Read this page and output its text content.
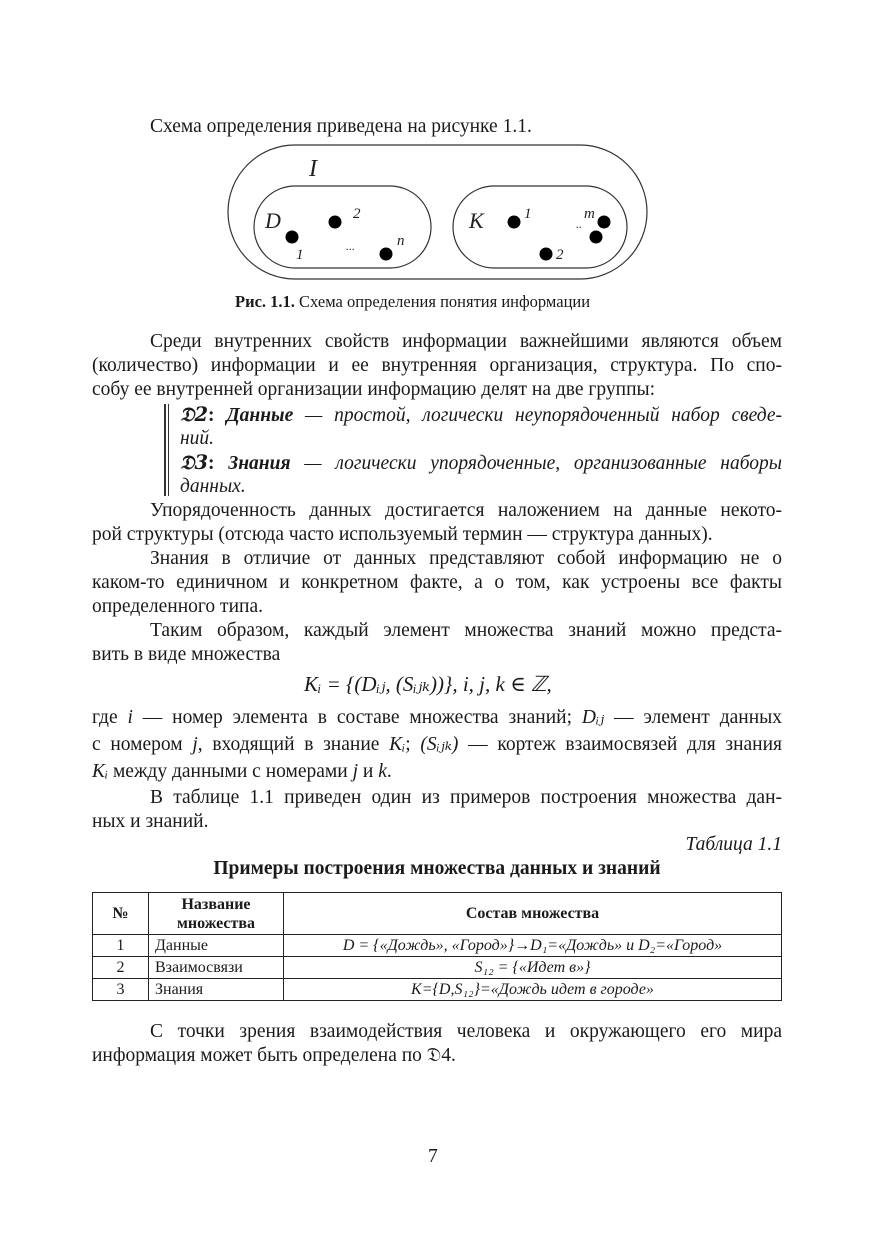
Схема определения приведена на рисунке 1.1.
I
D
1
2
n
...
K	1
2
m
..
Рис. 1.1. Схема определения понятия информации
Среди внутренних свойств информации важнейшими являются объем
(количество) информации и ее внутренняя организация, структура. По спо-
собу ее внутренней организации информацию делят на две группы:
𝔇2: Данные — простой, логически неупорядоченный набор сведе-
ний.
𝔇3: Знания — логически упорядоченные, организованные наборы
данных.
Упорядоченность данных достигается наложением на данные некото-
рой структуры (отсюда часто используемый термин — структура данных).
Знания в отличие от данных представляют собой информацию не о
каком-то единичном и конкретном факте, а о том, как устроены все факты
определенного типа.
Таким образом, каждый элемент множества знаний можно предста-
вить в виде множества
Kᵢ = {(Dᵢⱼ, (Sᵢⱼₖ))}, i, j, k ∈ ℤ,
где i — номер элемента в составе множества знаний; Dᵢⱼ — элемент данных
с номером j, входящий в знание Kᵢ; (Sᵢⱼₖ) — кортеж взаимосвязей для знания
Kᵢ между данными с номерами j и k.
В таблице 1.1 приведен один из примеров построения множества дан-
ных и знаний.
Таблица 1.1
Примеры построения множества данных и знаний
№	Название множества	Состав множества
1	Данные	D = {«Дождь», «Город»}→D₁=«Дождь» и D₂=«Город»
2	Взаимосвязи	S₁₂ = {«Идет в»}
3	Знания	K={D,S₁₂}=«Дождь идет в городе»
С точки зрения взаимодействия человека и окружающего его мира
информация может быть определена по 𝔇4.
7
